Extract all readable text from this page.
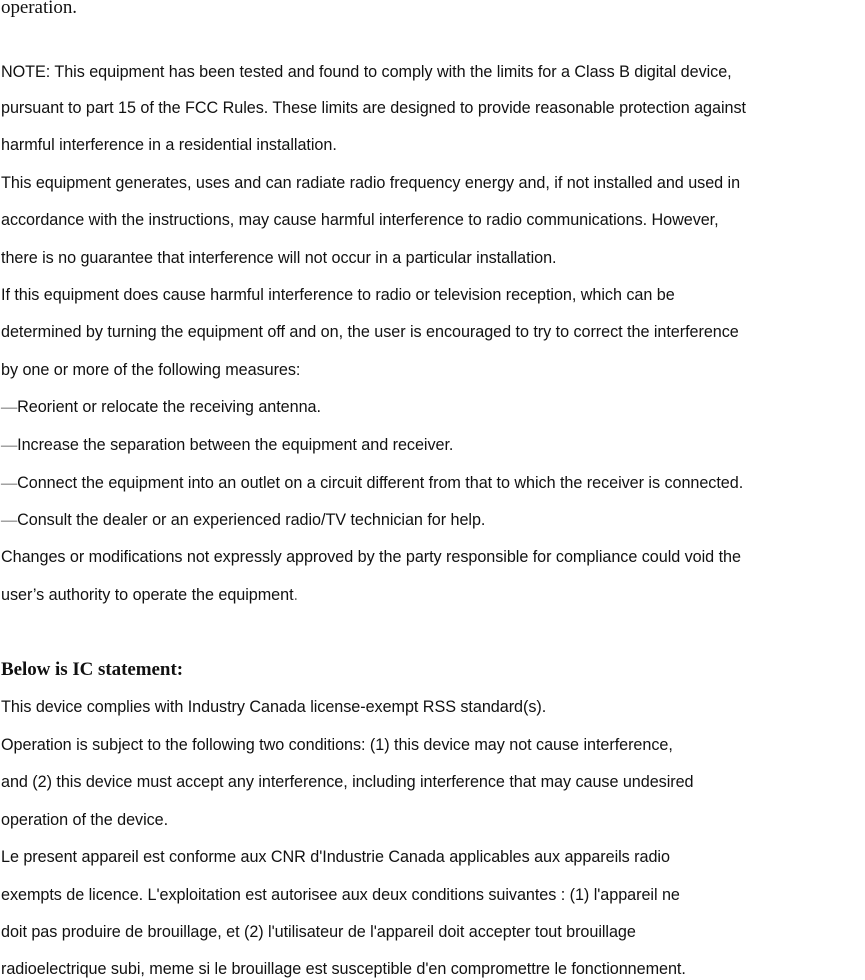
operation.
NOTE: This equipment has been tested and found to comply with the limits for a Class B digital device,
pursuant to part 15 of the FCC Rules. These limits are designed to provide reasonable protection against
harmful interference in a residential installation.
This equipment generates, uses and can radiate radio frequency energy and, if not installed and used in
accordance with the instructions, may cause harmful interference to radio communications. However,
there is no guarantee that interference will not occur in a particular installation.
If this equipment does cause harmful interference to radio or television reception, which can be
determined by turning the equipment off and on, the user is encouraged to try to correct the interference
by one or more of the following measures:
—Reorient or relocate the receiving antenna.
—Increase the separation between the equipment and receiver.
—Connect the equipment into an outlet on a circuit different from that to which the receiver is connected.
—Consult the dealer or an experienced radio/TV technician for help.
Changes or modifications not expressly approved by the party responsible for compliance could void the
user’s authority to operate the equipment.
Below is IC statement:
This device complies with Industry Canada license-exempt RSS standard(s).
Operation is subject to the following two conditions: (1) this device may not cause interference,
and (2) this device must accept any interference, including interference that may cause undesired
operation of the device.
Le present appareil est conforme aux CNR d'Industrie Canada applicables aux appareils radio
exempts de licence. L'exploitation est autorisee aux deux conditions suivantes : (1) l'appareil ne
doit pas produire de brouillage, et (2) l'utilisateur de l'appareil doit accepter tout brouillage
radioelectrique subi, meme si le brouillage est susceptible d'en compromettre le fonctionnement.
